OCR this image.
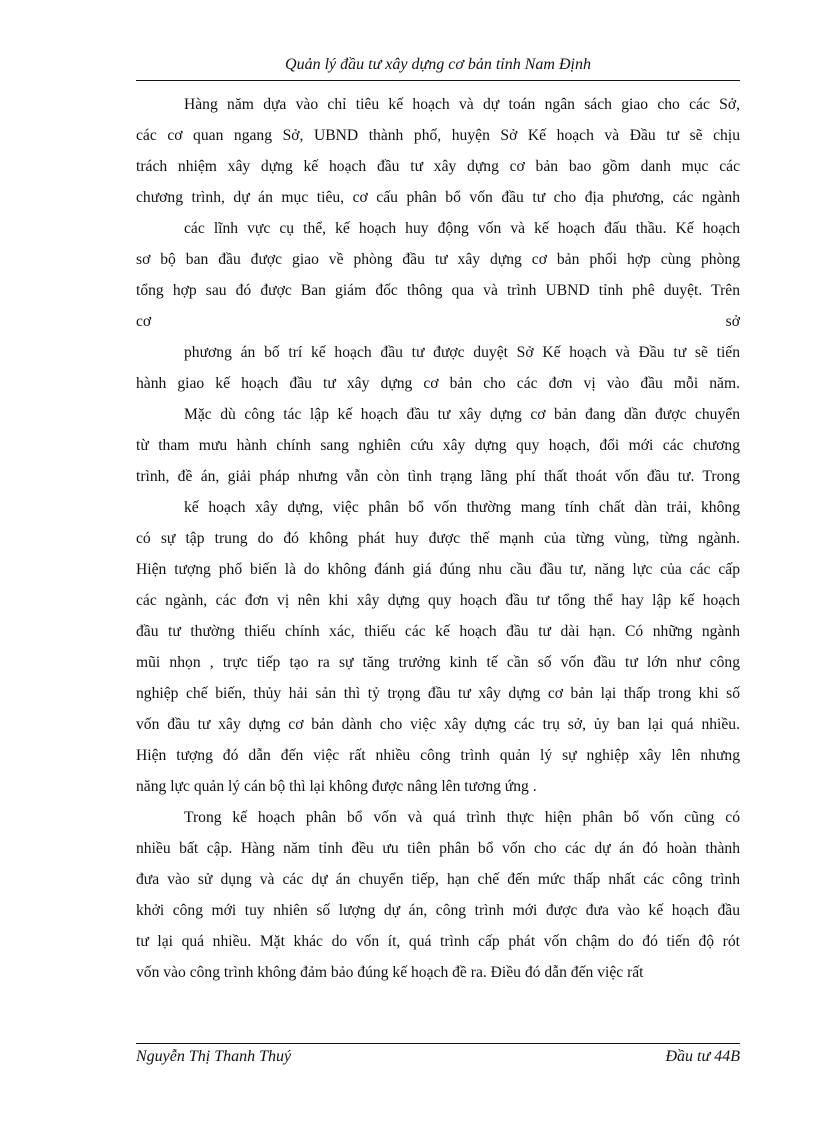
Quản lý đầu tư xây dựng cơ bản tỉnh Nam Định
Hàng năm dựa vào chỉ tiêu kế hoạch và dự toán ngân sách giao cho các Sở,
các cơ quan ngang Sở, UBND thành phố, huyện Sở Kế hoạch và Đầu tư sẽ chịu
trách nhiệm xây dựng kế hoạch đầu tư xây dựng cơ bản bao gồm danh mục các
chương trình, dự án mục tiêu, cơ cấu phân bổ vốn đầu tư cho địa phương, các ngành
các lĩnh vực cụ thể, kế hoạch huy động vốn và kế hoạch đấu thầu. Kế hoạch
sơ bộ ban đầu được giao về phòng đầu tư xây dựng cơ bản phối hợp cùng phòng
tổng hợp sau đó được Ban giám đốc thông qua và trình UBND tỉnh phê duyệt. Trên
cơ	sở
phương án bố trí kế hoạch đầu tư được duyệt Sở Kế hoạch và Đầu tư sẽ tiến
hành giao kế hoạch đầu tư xây dựng cơ bản cho các đơn vị vào đầu mỗi năm.
Mặc dù công tác lập kế hoạch đầu tư xây dựng cơ bản đang dần được chuyển
từ tham mưu hành chính sang nghiên cứu xây dựng quy hoạch, đổi mới các chương
trình, đề án, giải pháp nhưng vẫn còn tình trạng lãng phí thất thoát vốn đầu tư. Trong
kế hoạch xây dựng, việc phân bổ vốn thường mang tính chất dàn trải, không
có sự tập trung do đó không phát huy được thế mạnh của từng vùng, từng ngành.
Hiện tượng phổ biến là do không đánh giá đúng nhu cầu đầu tư, năng lực của các cấp
các ngành, các đơn vị nên khi xây dựng quy hoạch đầu tư tổng thể hay lập kế hoạch
đầu tư thường thiếu chính xác, thiếu các kế hoạch đầu tư dài hạn. Có những ngành
mũi nhọn , trực tiếp tạo ra sự tăng trưởng kinh tế cần số vốn đầu tư lớn như công
nghiệp chế biến, thủy hải sản thì tỷ trọng đầu tư xây dựng cơ bản lại thấp trong khi số
vốn đầu tư xây dựng cơ bản dành cho việc xây dựng các trụ sở, ủy ban lại quá nhiều.
Hiện tượng đó dẫn đến việc rất nhiều công trình quản lý sự nghiệp xây lên nhưng
năng lực quản lý cán bộ thì lại không được nâng lên tương ứng .
Trong kế hoạch phân bổ vốn và quá trình thực hiện phân bổ vốn cũng có
nhiều bất cập. Hàng năm tỉnh đều ưu tiên phân bổ vốn cho các dự án đó hoàn thành
đưa vào sử dụng và các dự án chuyển tiếp, hạn chế đến mức thấp nhất các công trình
khởi công mới tuy nhiên số lượng dự án, công trình mới được đưa vào kế hoạch đầu
tư lại quá nhiều. Mặt khác do vốn ít, quá trình cấp phát vốn chậm do đó tiến độ rót
vốn vào công trình không đảm bảo đúng kế hoạch đề ra. Điều đó dẫn đến việc rất
Nguyễn Thị Thanh Thuý	Đầu tư 44B
